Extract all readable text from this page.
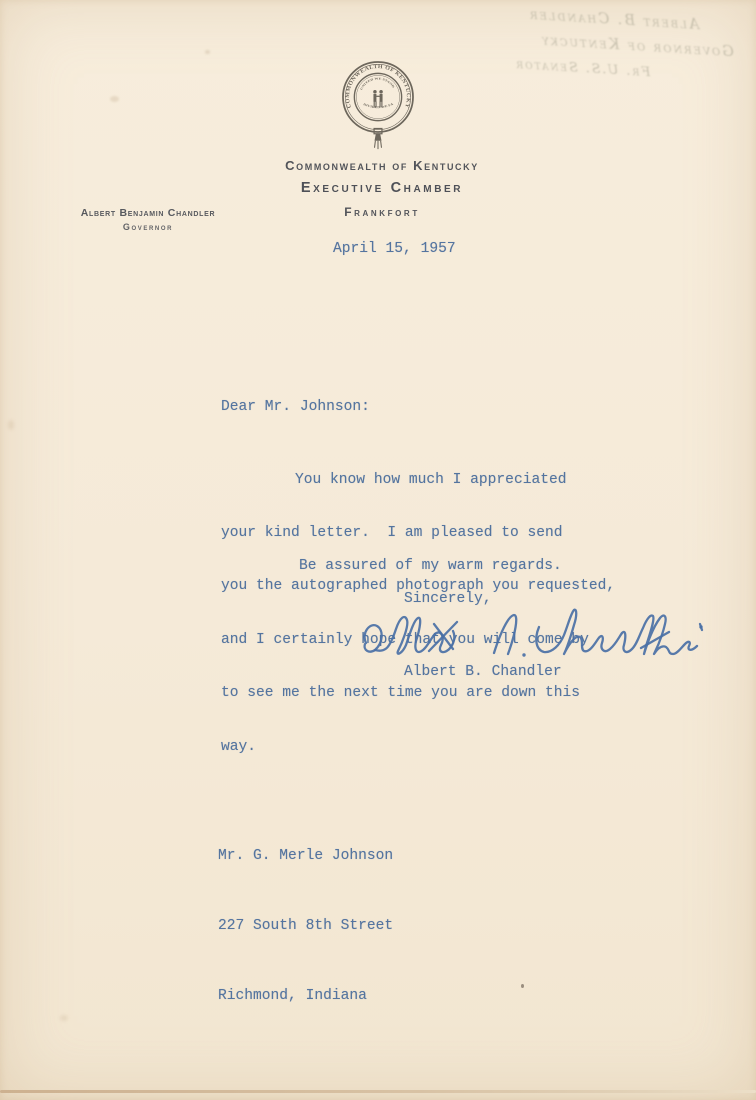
Albert B. Chandler
Governor of Kentucky
Fr. U.S. Senator
COMMONWEALTH OF KENTUCKY
UNITED WE STAND
DIVID D E FA
Commonwealth of Kentucky
Executive Chamber
Frankfort
Albert Benjamin Chandler
Governor
April 15, 1957
Dear Mr. Johnson:

You know how much I appreciated

your kind letter.  I am pleased to send

you the autographed photograph you requested,

and I certainly hope that you will come by

to see me the next time you are down this

way.

Be assured of my warm regards.
Sincerely,
Albert B. Chandler

Mr. G. Merle Johnson

227 South 8th Street

Richmond, Indiana
